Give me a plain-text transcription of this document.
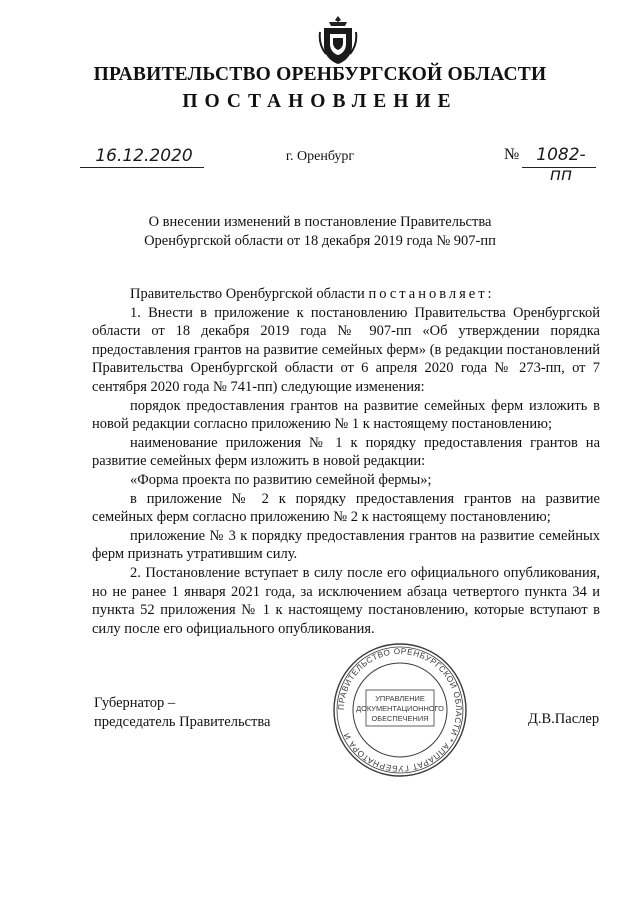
ПРАВИТЕЛЬСТВО ОРЕНБУРГСКОЙ ОБЛАСТИ
ПОСТАНОВЛЕНИЕ
16.12.2020	г. Оренбург	№	1082-пп
О внесении изменений в постановление Правительства
Оренбургской области от 18 декабря 2019 года № 907-пп

Правительство Оренбургской области постановляет:

1. Внести в приложение к постановлению Правительства Оренбургской области от 18 декабря 2019 года № 907-пп «Об утверждении порядка предоставления грантов на развитие семейных ферм» (в редакции постановлений Правительства Оренбургской области от 6 апреля 2020 года № 273-пп, от 7 сентября 2020 года № 741-пп) следующие изменения:

порядок предоставления грантов на развитие семейных ферм изложить в новой редакции согласно приложению № 1 к настоящему постановлению;

наименование приложения № 1 к порядку предоставления грантов на развитие семейных ферм изложить в новой редакции:

«Форма проекта по развитию семейной фермы»;

в приложение № 2 к порядку предоставления грантов на развитие семейных ферм согласно приложению № 2 к настоящему постановлению;

приложение № 3 к порядку предоставления грантов на развитие семейных ферм признать утратившим силу.

2. Постановление вступает в силу после его официального опубликования, но не ранее 1 января 2021 года, за исключением абзаца четвертого пункта 34 и пункта 52 приложения № 1 к настоящему постановлению, которые вступают в силу после его официального опубликования.

Губернатор –
председатель Правительства	Д.В.Паслер
ПРАВИТЕЛЬСТВО ОРЕНБУРГСКОЙ ОБЛАСТИ * АППАРАТ ГУБЕРНАТОРА И
УПРАВЛЕНИЕ
ДОКУМЕНТАЦИОННОГО
ОБЕСПЕЧЕНИЯ
